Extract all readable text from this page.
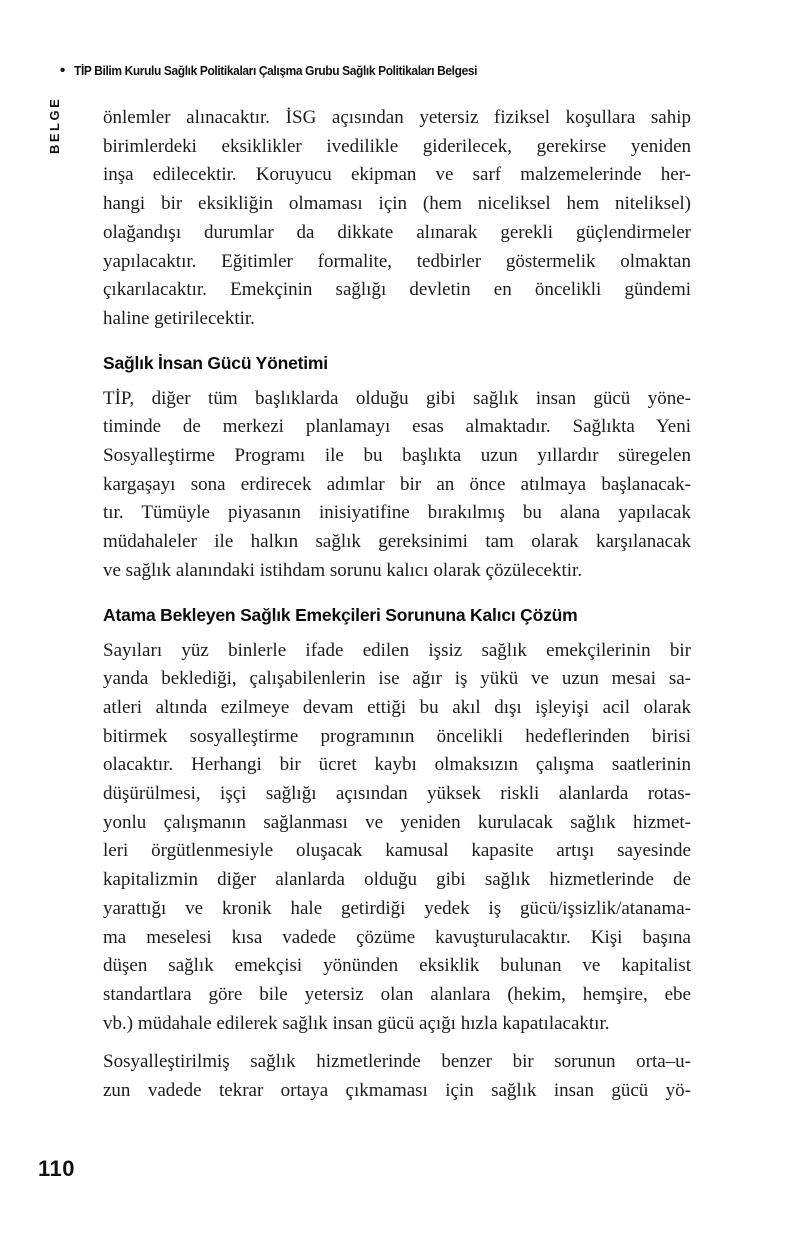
• TİP Bilim Kurulu Sağlık Politikaları Çalışma Grubu Sağlık Politikaları Belgesi
BELGE önlemler alınacaktır. İSG açısından yetersiz fiziksel koşullara sahip
birimlerdeki eksiklikler ivedilikle giderilecek, gerekirse yeniden
inşa edilecektir. Koruyucu ekipman ve sarf malzemelerinde her-
hangi bir eksikliğin olmaması için (hem niceliksel hem niteliksel)
olağandışı durumlar da dikkate alınarak gerekli güçlendirmeler
yapılacaktır. Eğitimler formalite, tedbirler göstermelik olmaktan
çıkarılacaktır. Emekçinin sağlığı devletin en öncelikli gündemi
haline getirilecektir.
Sağlık İnsan Gücü Yönetimi
TİP, diğer tüm başlıklarda olduğu gibi sağlık insan gücü yöne-
timinde de merkezi planlamayı esas almaktadır. Sağlıkta Yeni
Sosyalleştirme Programı ile bu başlıkta uzun yıllardır süregelen
kargaşayı sona erdirecek adımlar bir an önce atılmaya başlanacak-
tır. Tümüyle piyasanın inisiyatifine bırakılmış bu alana yapılacak
müdahaleler ile halkın sağlık gereksinimi tam olarak karşılanacak
ve sağlık alanındaki istihdam sorunu kalıcı olarak çözülecektir.
Atama Bekleyen Sağlık Emekçileri Sorununa Kalıcı Çözüm
Sayıları yüz binlerle ifade edilen işsiz sağlık emekçilerinin bir
yanda beklediği, çalışabilenlerin ise ağır iş yükü ve uzun mesai sa-
atleri altında ezilmeye devam ettiği bu akıl dışı işleyişi acil olarak
bitirmek sosyalleştirme programının öncelikli hedeflerinden birisi
olacaktır. Herhangi bir ücret kaybı olmaksızın çalışma saatlerinin
düşürülmesi, işçi sağlığı açısından yüksek riskli alanlarda rotas-
yonlu çalışmanın sağlanması ve yeniden kurulacak sağlık hizmet-
leri örgütlenmesiyle oluşacak kamusal kapasite artışı sayesinde
kapitalizmin diğer alanlarda olduğu gibi sağlık hizmetlerinde de
yarattığı ve kronik hale getirdiği yedek iş gücü/işsizlik/atanama-
ma meselesi kısa vadede çözüme kavuşturulacaktır. Kişi başına
düşen sağlık emekçisi yönünden eksiklik bulunan ve kapitalist
standartlara göre bile yetersiz olan alanlara (hekim, hemşire, ebe
vb.) müdahale edilerek sağlık insan gücü açığı hızla kapatılacaktır.
Sosyalleştirilmiş sağlık hizmetlerinde benzer bir sorunun orta–u-
zun vadede tekrar ortaya çıkmaması için sağlık insan gücü yö-
110
